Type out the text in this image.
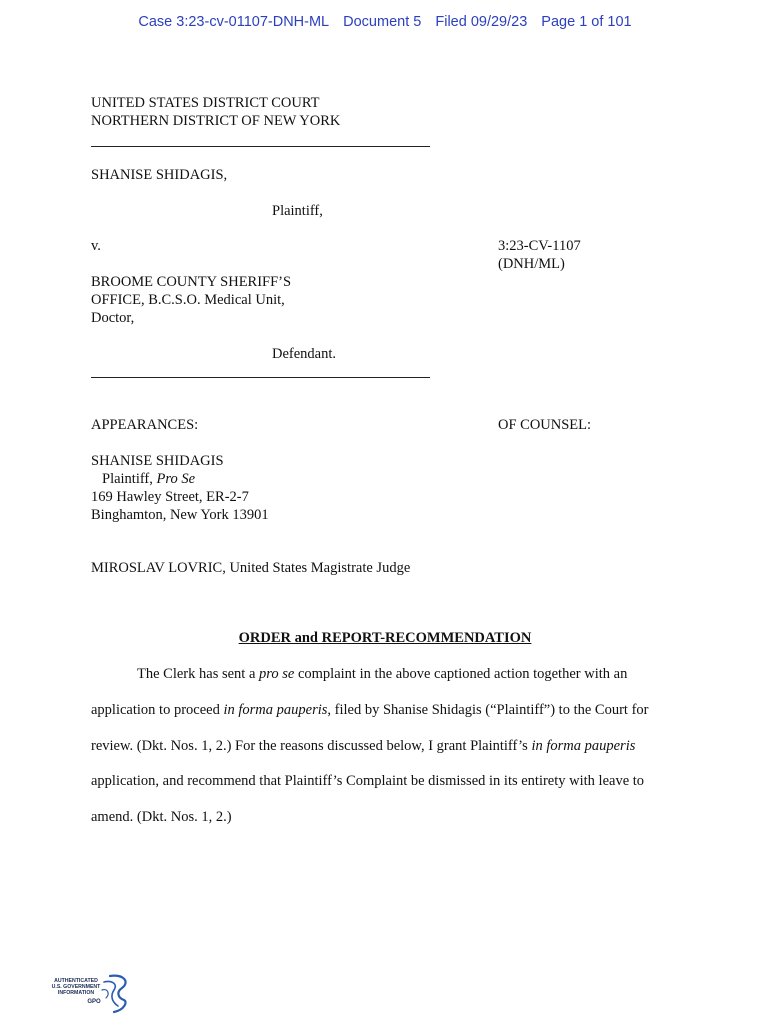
Case 3:23-cv-01107-DNH-ML Document 5 Filed 09/29/23 Page 1 of 101
UNITED STATES DISTRICT COURT
NORTHERN DISTRICT OF NEW YORK
SHANISE SHIDAGIS,
Plaintiff,
v.	3:23-CV-1107
(DNH/ML)
BROOME COUNTY SHERIFF’S
OFFICE, B.C.S.O. Medical Unit,
Doctor,
Defendant.
APPEARANCES:	OF COUNSEL:
SHANISE SHIDAGIS
Plaintiff, Pro Se
169 Hawley Street, ER-2-7
Binghamton, New York 13901
MIROSLAV LOVRIC, United States Magistrate Judge
ORDER and REPORT-RECOMMENDATION
The Clerk has sent a pro se complaint in the above captioned action together with an
application to proceed in forma pauperis, filed by Shanise Shidagis (“Plaintiff”) to the Court for
review. (Dkt. Nos. 1, 2.) For the reasons discussed below, I grant Plaintiff’s in forma pauperis
application, and recommend that Plaintiff’s Complaint be dismissed in its entirety with leave to
amend. (Dkt. Nos. 1, 2.)
AUTHENTICATED
U.S. GOVERNMENT
INFORMATION
GPO
